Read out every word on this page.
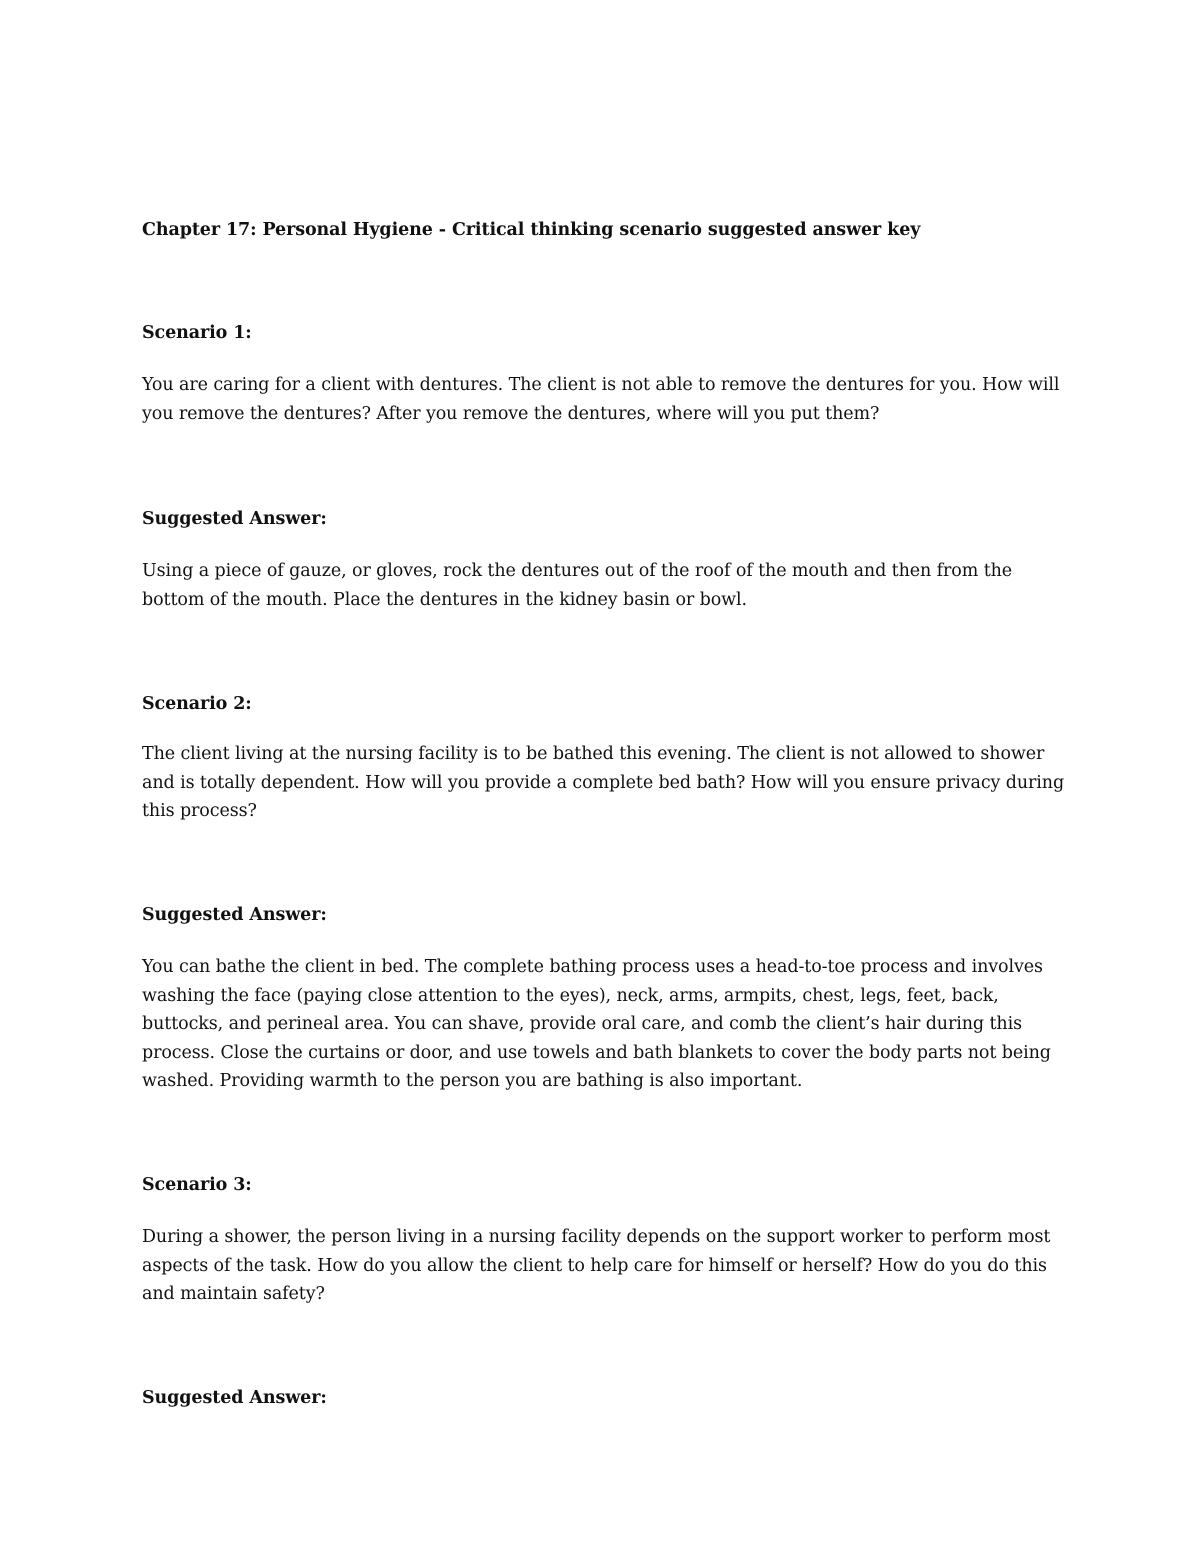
Chapter 17: Personal Hygiene - Critical thinking scenario suggested answer key

Scenario 1:

You are caring for a client with dentures. The client is not able to remove the dentures for you. How will you remove the dentures? After you remove the dentures, where will you put them?

Suggested Answer:

Using a piece of gauze, or gloves, rock the dentures out of the roof of the mouth and then from the bottom of the mouth. Place the dentures in the kidney basin or bowl.

Scenario 2:

The client living at the nursing facility is to be bathed this evening. The client is not allowed to shower and is totally dependent. How will you provide a complete bed bath? How will you ensure privacy during this process?

Suggested Answer:

You can bathe the client in bed. The complete bathing process uses a head-to-toe process and involves washing the face (paying close attention to the eyes), neck, arms, armpits, chest, legs, feet, back, buttocks, and perineal area. You can shave, provide oral care, and comb the client’s hair during this process. Close the curtains or door, and use towels and bath blankets to cover the body parts not being washed. Providing warmth to the person you are bathing is also important.

Scenario 3:

During a shower, the person living in a nursing facility depends on the support worker to perform most aspects of the task. How do you allow the client to help care for himself or herself? How do you do this and maintain safety?

Suggested Answer:
